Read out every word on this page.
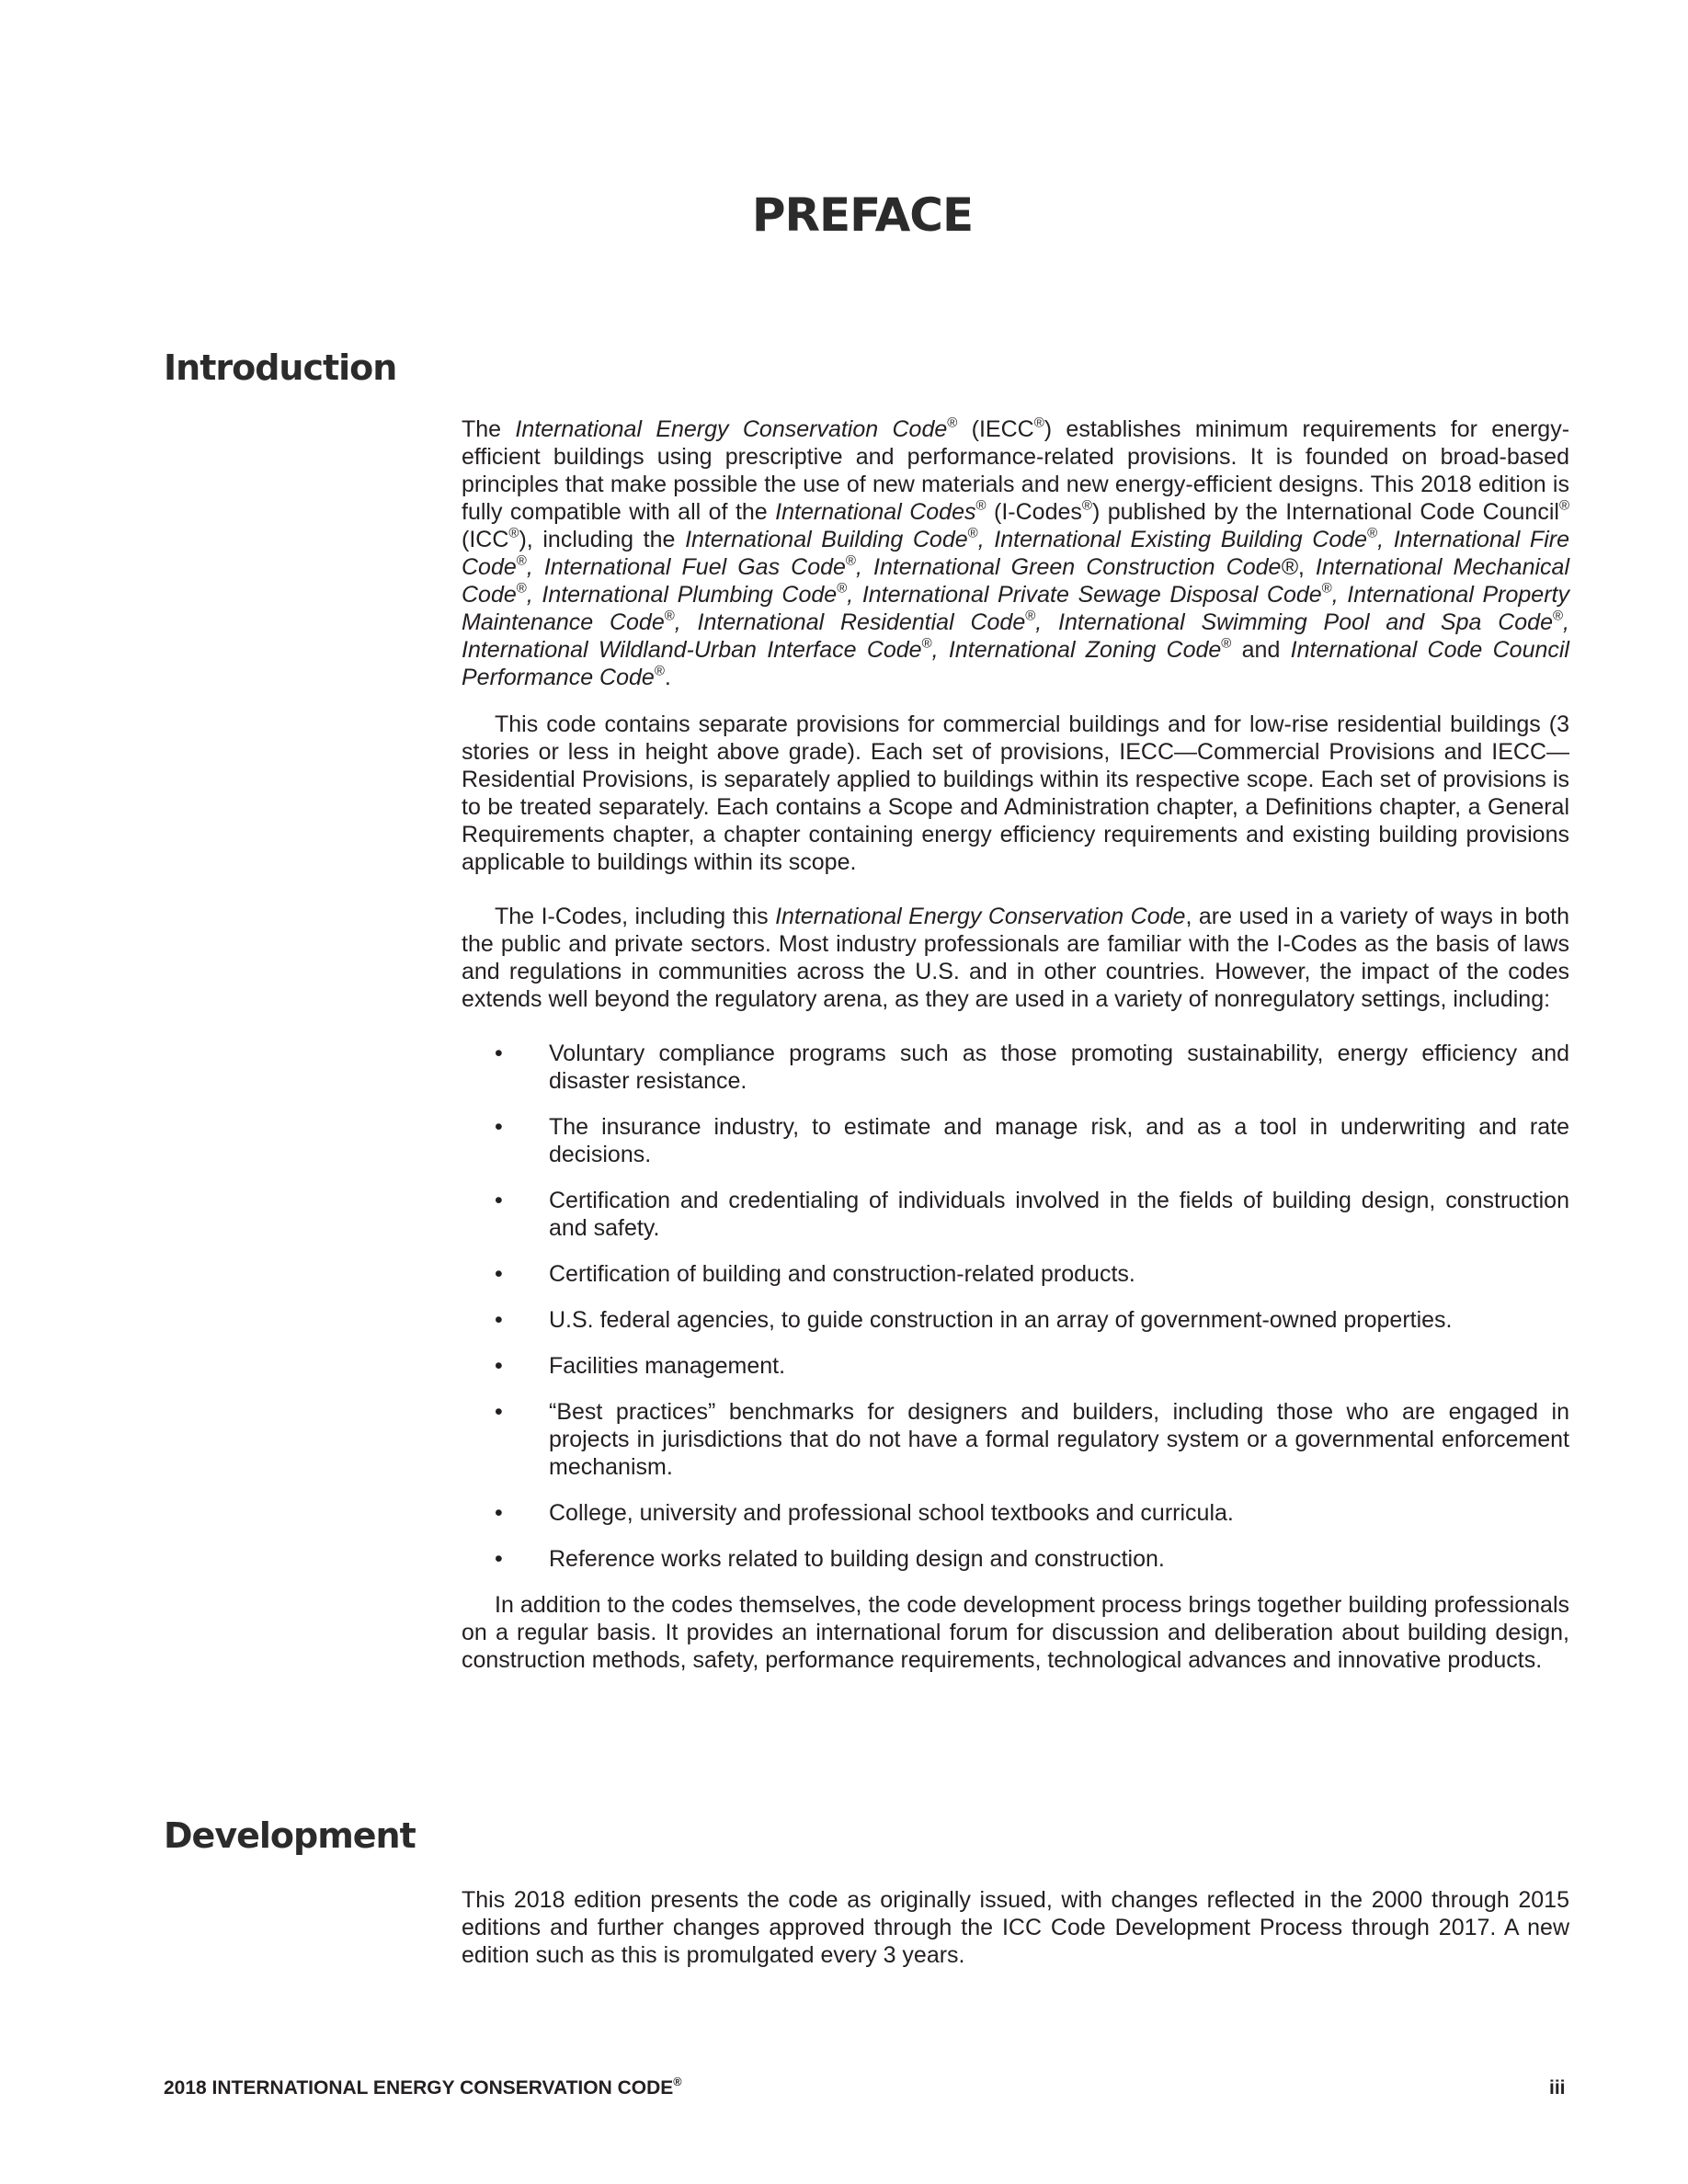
PREFACE
Introduction

The International Energy Conservation Code® (IECC®) establishes minimum requirements for energy-efficient buildings using prescriptive and performance-related provisions. It is founded on broad-based principles that make possible the use of new materials and new energy-efficient designs. This 2018 edition is fully compatible with all of the International Codes® (I-Codes®) published by the International Code Council® (ICC®), including the International Building Code®, International Existing Building Code®, International Fire Code®, International Fuel Gas Code®, International Green Construction Code®, International Mechanical Code®, International Plumbing Code®, International Private Sewage Disposal Code®, International Property Maintenance Code®, International Residential Code®, International Swimming Pool and Spa Code®, International Wildland-Urban Interface Code®, International Zoning Code® and International Code Council Performance Code®.

This code contains separate provisions for commercial buildings and for low-rise residential buildings (3 stories or less in height above grade). Each set of provisions, IECC—Commercial Provisions and IECC—Residential Provisions, is separately applied to buildings within its respective scope. Each set of provisions is to be treated separately. Each contains a Scope and Administration chapter, a Definitions chapter, a General Requirements chapter, a chapter containing energy efficiency requirements and existing building provisions applicable to buildings within its scope.

The I-Codes, including this International Energy Conservation Code, are used in a variety of ways in both the public and private sectors. Most industry professionals are familiar with the I-Codes as the basis of laws and regulations in communities across the U.S. and in other countries. However, the impact of the codes extends well beyond the regulatory arena, as they are used in a variety of nonregulatory settings, including:

• Voluntary compliance programs such as those promoting sustainability, energy efficiency and disaster resistance.
• The insurance industry, to estimate and manage risk, and as a tool in underwriting and rate decisions.
• Certification and credentialing of individuals involved in the fields of building design, construction and safety.
• Certification of building and construction-related products.
• U.S. federal agencies, to guide construction in an array of government-owned properties.
• Facilities management.
• “Best practices” benchmarks for designers and builders, including those who are engaged in projects in jurisdictions that do not have a formal regulatory system or a governmental enforcement mechanism.
• College, university and professional school textbooks and curricula.
• Reference works related to building design and construction.

In addition to the codes themselves, the code development process brings together building professionals on a regular basis. It provides an international forum for discussion and deliberation about building design, construction methods, safety, performance requirements, technological advances and innovative products.

Development

This 2018 edition presents the code as originally issued, with changes reflected in the 2000 through 2015 editions and further changes approved through the ICC Code Development Process through 2017. A new edition such as this is promulgated every 3 years.

2018 INTERNATIONAL ENERGY CONSERVATION CODE®	iii
